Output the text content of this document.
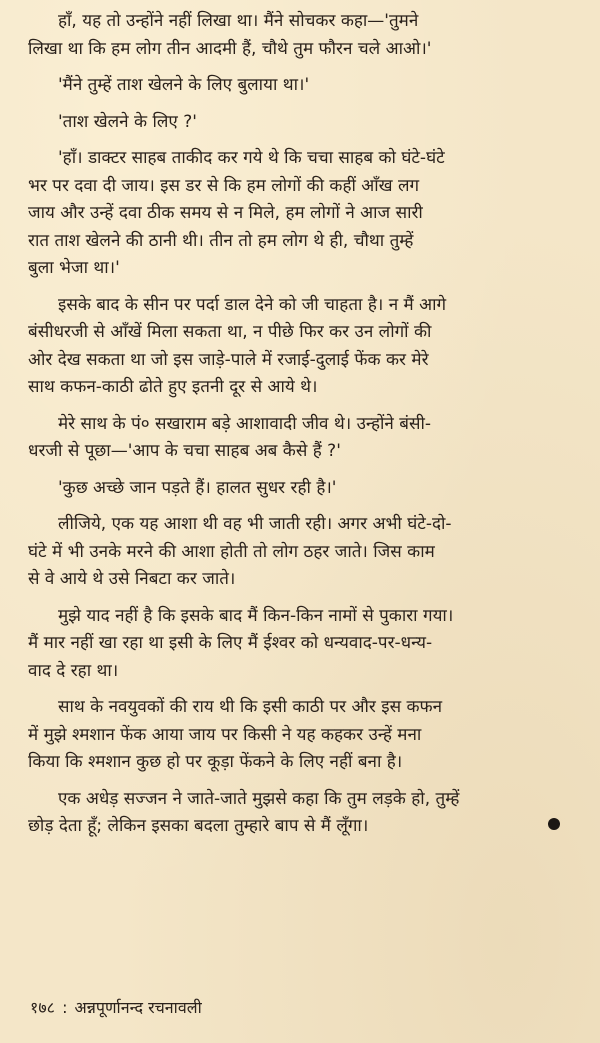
हाँ, यह तो उन्होंने नहीं लिखा था। मैंने सोचकर कहा—'तुमने
लिखा था कि हम लोग तीन आदमी हैं, चौथे तुम फौरन चले आओ।'
'मैंने तुम्हें ताश खेलने के लिए बुलाया था।'
'ताश खेलने के लिए ?'
'हाँ। डाक्टर साहब ताकीद कर गये थे कि चचा साहब को घंटे-घंटे
भर पर दवा दी जाय। इस डर से कि हम लोगों की कहीं आँख लग
जाय और उन्हें दवा ठीक समय से न मिले, हम लोगों ने आज सारी
रात ताश खेलने की ठानी थी। तीन तो हम लोग थे ही, चौथा तुम्हें
बुला भेजा था।'
इसके बाद के सीन पर पर्दा डाल देने को जी चाहता है। न मैं आगे
बंसीधरजी से आँखें मिला सकता था, न पीछे फिर कर उन लोगों की
ओर देख सकता था जो इस जाड़े-पाले में रजाई-दुलाई फेंक कर मेरे
साथ कफन-काठी ढोते हुए इतनी दूर से आये थे।
मेरे साथ के पं० सखाराम बड़े आशावादी जीव थे। उन्होंने बंसी-
धरजी से पूछा—'आप के चचा साहब अब कैसे हैं ?'
'कुछ अच्छे जान पड़ते हैं। हालत सुधर रही है।'
लीजिये, एक यह आशा थी वह भी जाती रही। अगर अभी घंटे-दो-
घंटे में भी उनके मरने की आशा होती तो लोग ठहर जाते। जिस काम
से वे आये थे उसे निबटा कर जाते।
मुझे याद नहीं है कि इसके बाद मैं किन-किन नामों से पुकारा गया।
मैं मार नहीं खा रहा था इसी के लिए मैं ईश्वर को धन्यवाद-पर-धन्य-
वाद दे रहा था।
साथ के नवयुवकों की राय थी कि इसी काठी पर और इस कफन
में मुझे श्मशान फेंक आया जाय पर किसी ने यह कहकर उन्हें मना
किया कि श्मशान कुछ हो पर कूड़ा फेंकने के लिए नहीं बना है।
एक अधेड़ सज्जन ने जाते-जाते मुझसे कहा कि तुम लड़के हो, तुम्हें
छोड़ देता हूँ; लेकिन इसका बदला तुम्हारे बाप से मैं लूँगा।
१७८ : अन्नपूर्णानन्द रचनावली
